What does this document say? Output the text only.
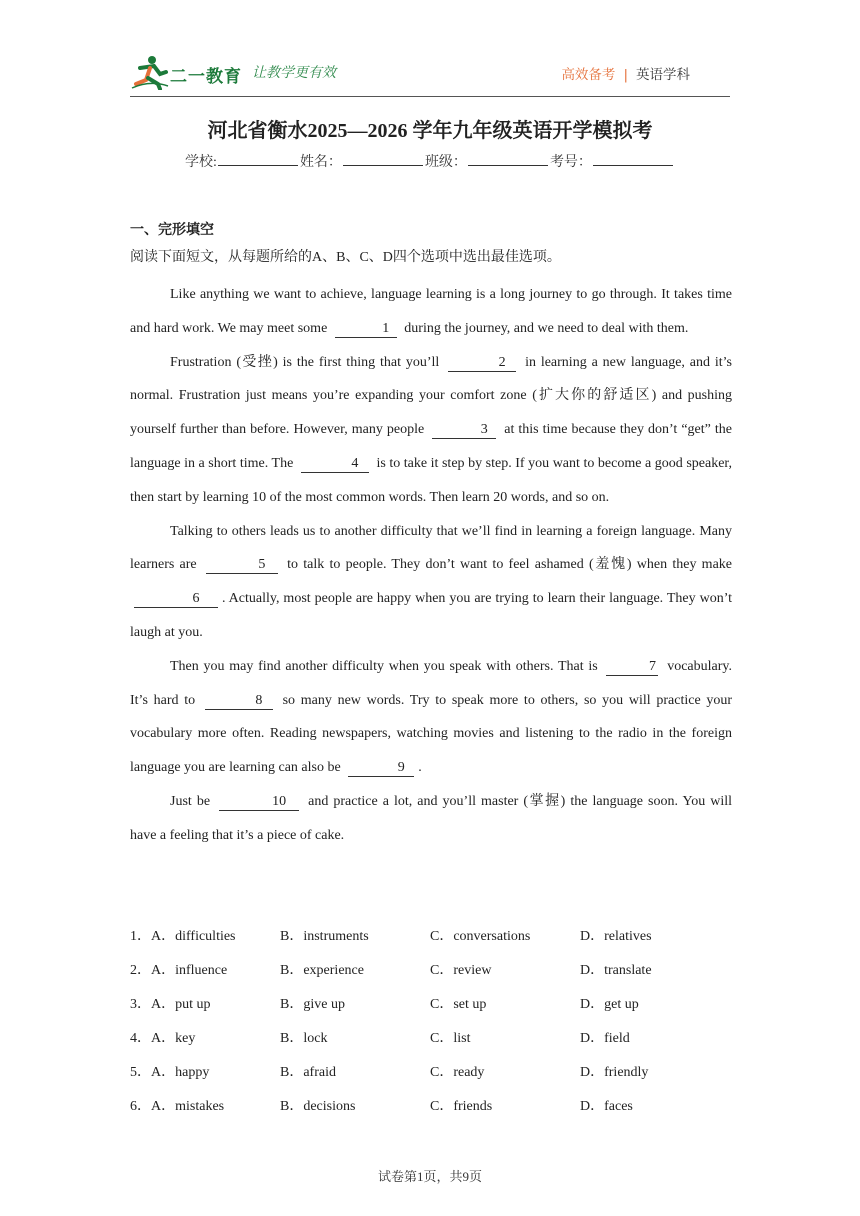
二一教育 让教学更有效	高效备考 | 英语学科
河北省衡水2025—2026 学年九年级英语开学模拟考
学校:	姓名：	班级：	考号：
一、完形填空
阅读下面短文，从每题所给的A、B、C、D四个选项中选出最佳选项。

Like anything we want to achieve, language learning is a long journey to go through. It takes time and hard work. We may meet some	1 during the journey, and we need to deal with them.

Frustration (受挫) is the first thing that you’ll	2 in learning a new language, and it’s normal. Frustration just means you’re expanding your comfort zone (扩大你的舒适区) and pushing yourself further than before. However, many people	3 at this time because they don’t “get” the language in a short time. The	4 is to take it step by step. If you want to become a good speaker, then start by learning 10 of the most common words. Then learn 20 words, and so on.

Talking to others leads us to another difficulty that we’ll find in learning a foreign language. Many learners are	5 to talk to people. They don’t want to feel ashamed (羞愧) when they make 6 . Actually, most people are happy when you are trying to learn their language. They won’t laugh at you.

Then you may find another difficulty when you speak with others. That is	7 vocabulary. It’s hard to	8 so many new words. Try to speak more to others, so you will practice your vocabulary more often. Reading newspapers, watching movies and listening to the radio in the foreign language you are learning can also be	9 .

Just be	10 and practice a lot, and you’ll master (掌握) the language soon. You will have a feeling that it’s a piece of cake.

1．A．difficulties	B．instruments	C．conversations	D．relatives
2．A．influence	B．experience	C．review	D．translate
3．A．put up	B．give up	C．set up	D．get up
4．A．key	B．lock	C．list	D．field
5．A．happy	B．afraid	C．ready	D．friendly
6．A．mistakes	B．decisions	C．friends	D．faces
试卷第1页，共9页
